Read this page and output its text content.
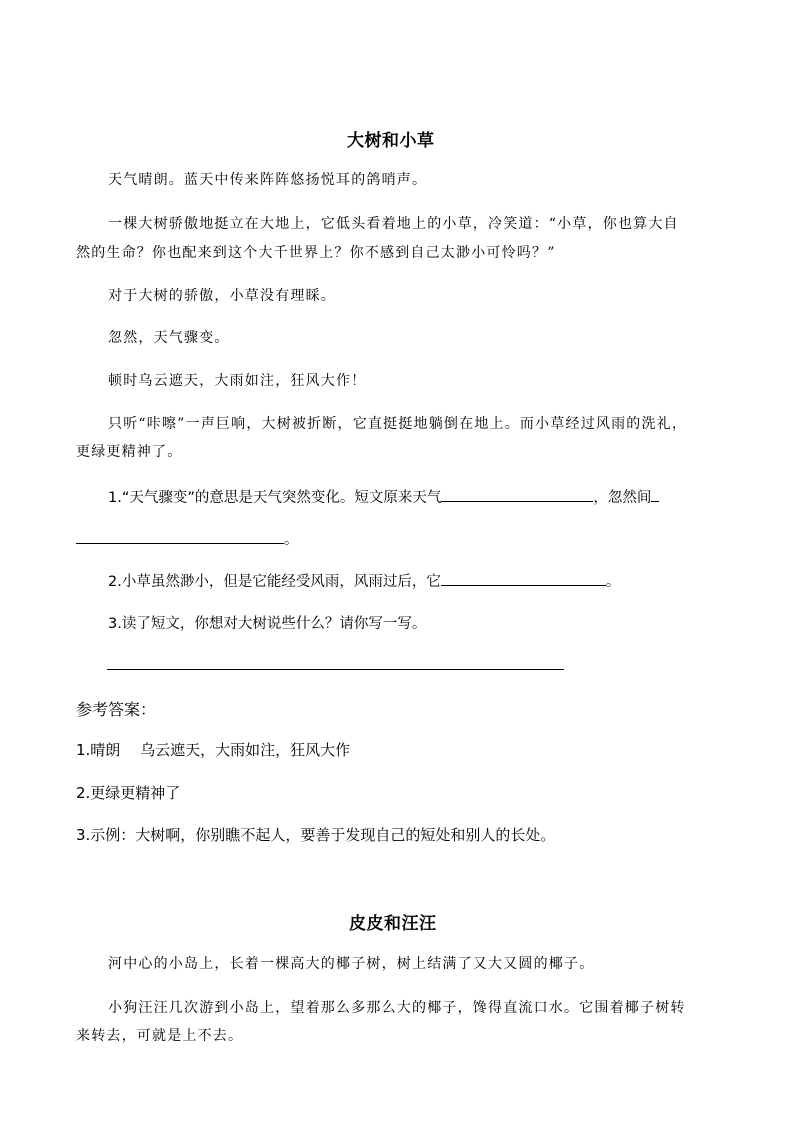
大树和小草
天气晴朗。蓝天中传来阵阵悠扬悦耳的鸽哨声。
一棵大树骄傲地挺立在大地上，它低头看着地上的小草，冷笑道：“小草，你也算大自
然的生命？你也配来到这个大千世界上？你不感到自己太渺小可怜吗？”
对于大树的骄傲，小草没有理睬。
忽然，天气骤变。
顿时乌云遮天，大雨如注，狂风大作！
只听“咔嚓”一声巨响，大树被折断，它直挺挺地躺倒在地上。而小草经过风雨的洗礼，
更绿更精神了。
1.“天气骤变”的意思是天气突然变化。短文原来天气	，忽然间
。
2.小草虽然渺小，但是它能经受风雨，风雨过后，它	。
3.读了短文，你想对大树说些什么？请你写一写。
参考答案：
1.晴朗　 乌云遮天，大雨如注，狂风大作
2.更绿更精神了
3.示例：大树啊，你别瞧不起人，要善于发现自己的短处和别人的长处。
皮皮和汪汪
河中心的小岛上，长着一棵高大的椰子树，树上结满了又大又圆的椰子。
小狗汪汪几次游到小岛上，望着那么多那么大的椰子，馋得直流口水。它围着椰子树转
来转去，可就是上不去。
